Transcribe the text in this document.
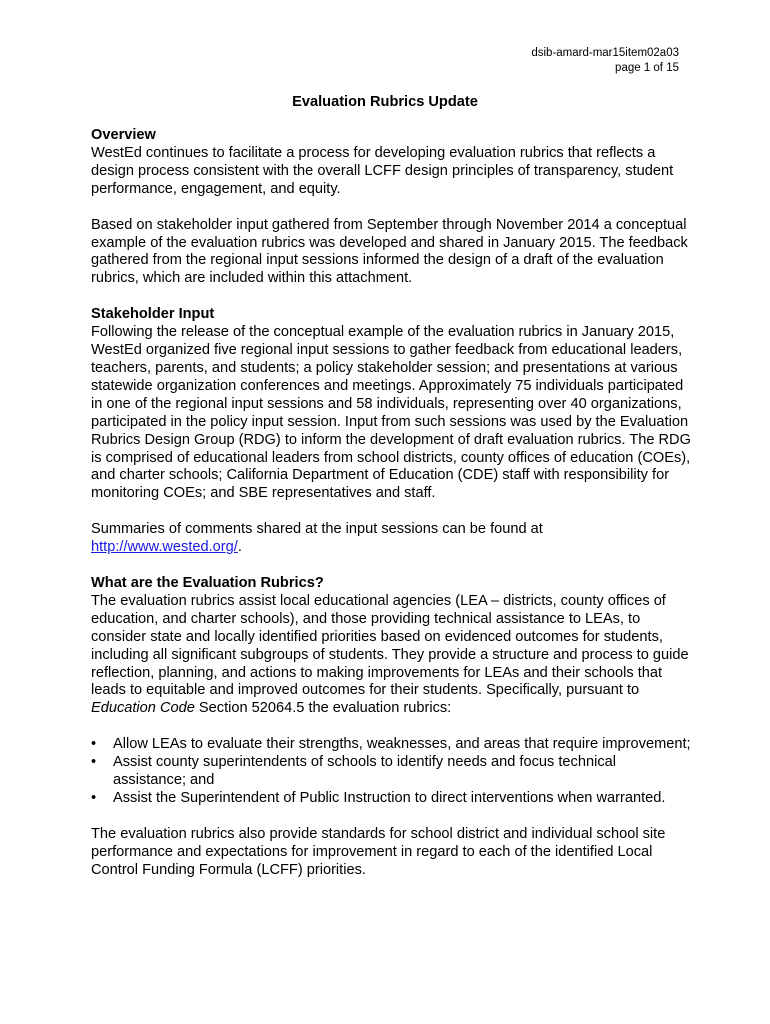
dsib-amard-mar15item02a03
page 1 of 15
Evaluation Rubrics Update

Overview

WestEd continues to facilitate a process for developing evaluation rubrics that reflects a design process consistent with the overall LCFF design principles of transparency, student performance, engagement, and equity.

Based on stakeholder input gathered from September through November 2014 a conceptual example of the evaluation rubrics was developed and shared in January 2015. The feedback gathered from the regional input sessions informed the design of a draft of the evaluation rubrics, which are included within this attachment.

Stakeholder Input

Following the release of the conceptual example of the evaluation rubrics in January 2015, WestEd organized five regional input sessions to gather feedback from educational leaders, teachers, parents, and students; a policy stakeholder session; and presentations at various statewide organization conferences and meetings. Approximately 75 individuals participated in one of the regional input sessions and 58 individuals, representing over 40 organizations, participated in the policy input session. Input from such sessions was used by the Evaluation Rubrics Design Group (RDG) to inform the development of draft evaluation rubrics. The RDG is comprised of educational leaders from school districts, county offices of education (COEs), and charter schools; California Department of Education (CDE) staff with responsibility for monitoring COEs; and SBE representatives and staff.

Summaries of comments shared at the input sessions can be found at http://www.wested.org/.

What are the Evaluation Rubrics?

The evaluation rubrics assist local educational agencies (LEA – districts, county offices of education, and charter schools), and those providing technical assistance to LEAs, to consider state and locally identified priorities based on evidenced outcomes for students, including all significant subgroups of students. They provide a structure and process to guide reflection, planning, and actions to making improvements for LEAs and their schools that leads to equitable and improved outcomes for their students. Specifically, pursuant to Education Code Section 52064.5 the evaluation rubrics:

•	Allow LEAs to evaluate their strengths, weaknesses, and areas that require improvement;
•	Assist county superintendents of schools to identify needs and focus technical assistance; and
•	Assist the Superintendent of Public Instruction to direct interventions when warranted.

The evaluation rubrics also provide standards for school district and individual school site performance and expectations for improvement in regard to each of the identified Local Control Funding Formula (LCFF) priorities.
